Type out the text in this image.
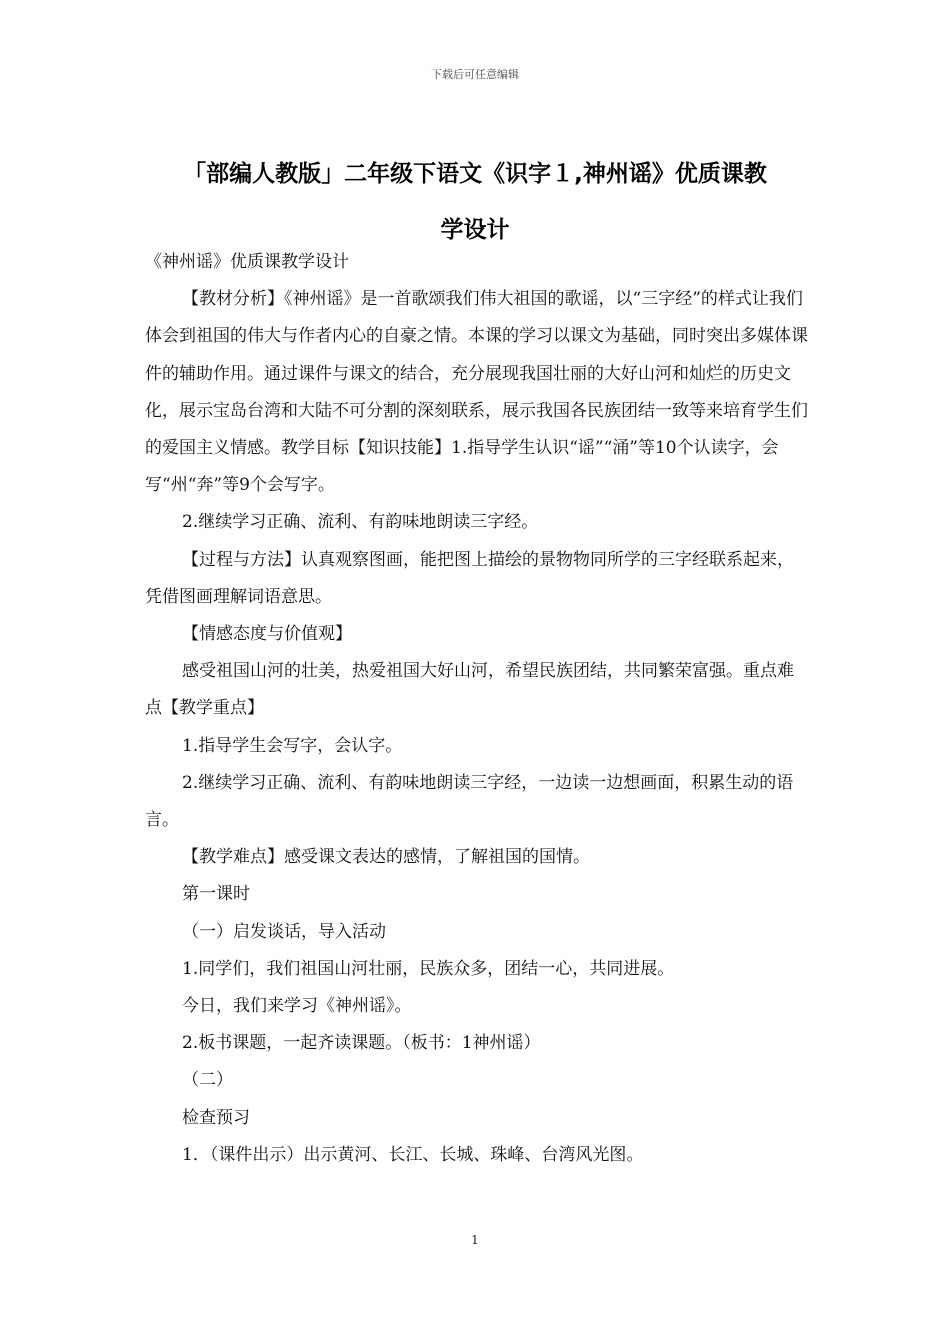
下载后可任意编辑
「部编人教版」二年级下语文《识字１,神州谣》优质课教
学设计

《神州谣》优质课教学设计

【教材分析】《神州谣》是一首歌颂我们伟大祖国的歌谣，以“三字经”的样式让我们体会到祖国的伟大与作者内心的自豪之情。本课的学习以课文为基础，同时突出多媒体课件的辅助作用。通过课件与课文的结合，充分展现我国壮丽的大好山河和灿烂的历史文化，展示宝岛台湾和大陆不可分割的深刻联系，展示我国各民族团结一致等来培育学生们的爱国主义情感。教学目标【知识技能】1.指导学生认识“谣”“涌”等10个认读字，会写“州“奔”等9个会写字。

2.继续学习正确、流利、有韵味地朗读三字经。

【过程与方法】认真观察图画，能把图上描绘的景物物同所学的三字经联系起来，凭借图画理解词语意思。

【情感态度与价值观】

感受祖国山河的壮美，热爱祖国大好山河，希望民族团结，共同繁荣富强。重点难点【教学重点】

1.指导学生会写字，会认字。

2.继续学习正确、流利、有韵味地朗读三字经，一边读一边想画面，积累生动的语言。

【教学难点】感受课文表达的感情，了解祖国的国情。

第一课时

（一）启发谈话，导入活动

1.同学们，我们祖国山河壮丽，民族众多，团结一心，共同进展。

今日，我们来学习《神州谣》。

2.板书课题，一起齐读课题。（板书：1神州谣）

（二）

检查预习

1．（课件出示）出示黄河、长江、长城、珠峰、台湾风光图。

1
